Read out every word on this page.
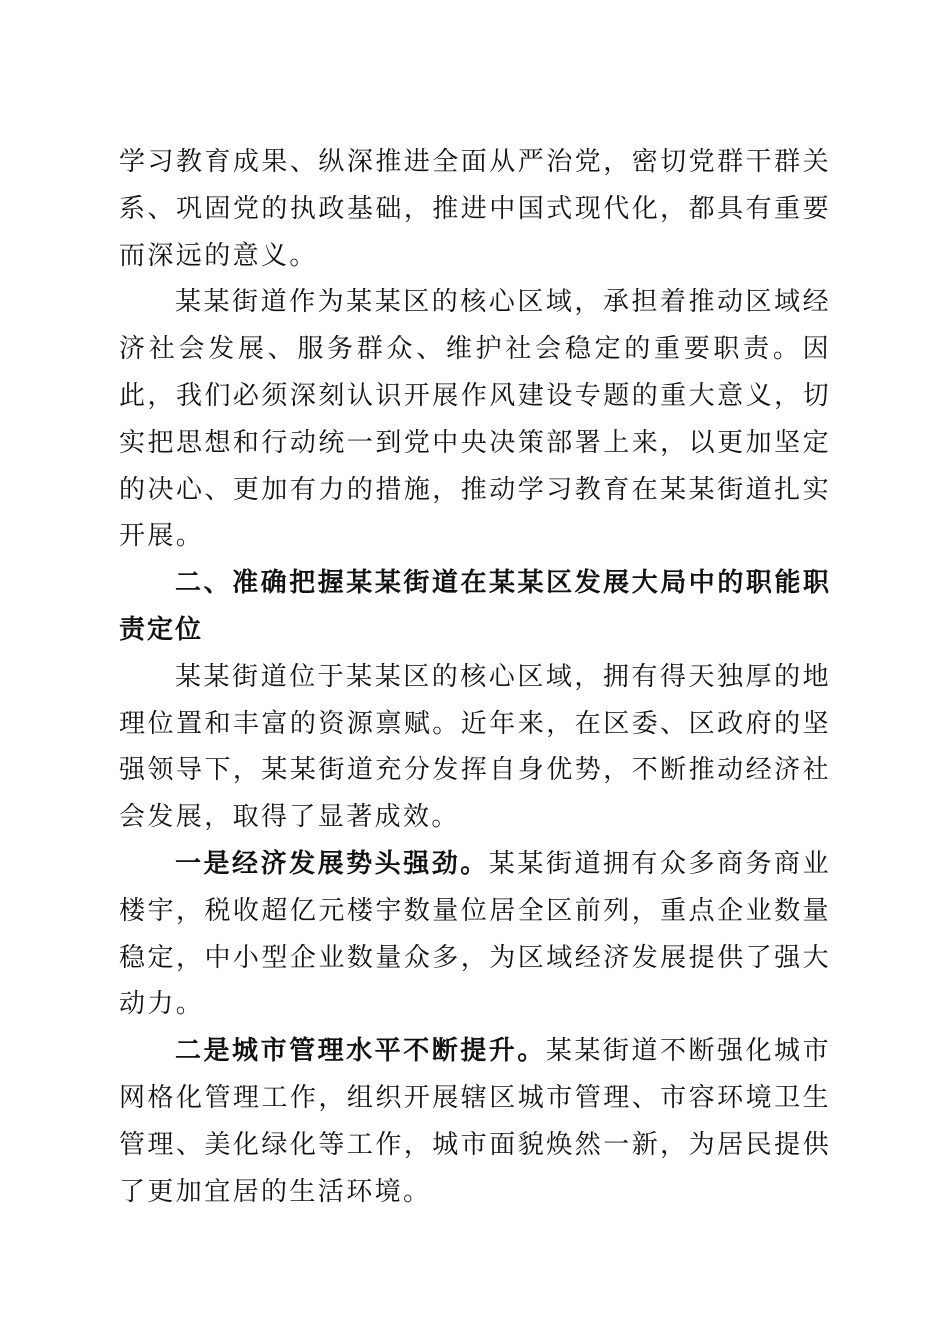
学习教育成果、纵深推进全面从严治党，密切党群干群关系、巩固党的执政基础，推进中国式现代化，都具有重要而深远的意义。

某某街道作为某某区的核心区域，承担着推动区域经济社会发展、服务群众、维护社会稳定的重要职责。因此，我们必须深刻认识开展作风建设专题的重大意义，切实把思想和行动统一到党中央决策部署上来，以更加坚定的决心、更加有力的措施，推动学习教育在某某街道扎实开展。

二、准确把握某某街道在某某区发展大局中的职能职责定位

某某街道位于某某区的核心区域，拥有得天独厚的地理位置和丰富的资源禀赋。近年来，在区委、区政府的坚强领导下，某某街道充分发挥自身优势，不断推动经济社会发展，取得了显著成效。

一是经济发展势头强劲。某某街道拥有众多商务商业楼宇，税收超亿元楼宇数量位居全区前列，重点企业数量稳定，中小型企业数量众多，为区域经济发展提供了强大动力。

二是城市管理水平不断提升。某某街道不断强化城市网格化管理工作，组织开展辖区城市管理、市容环境卫生管理、美化绿化等工作，城市面貌焕然一新，为居民提供了更加宜居的生活环境。
